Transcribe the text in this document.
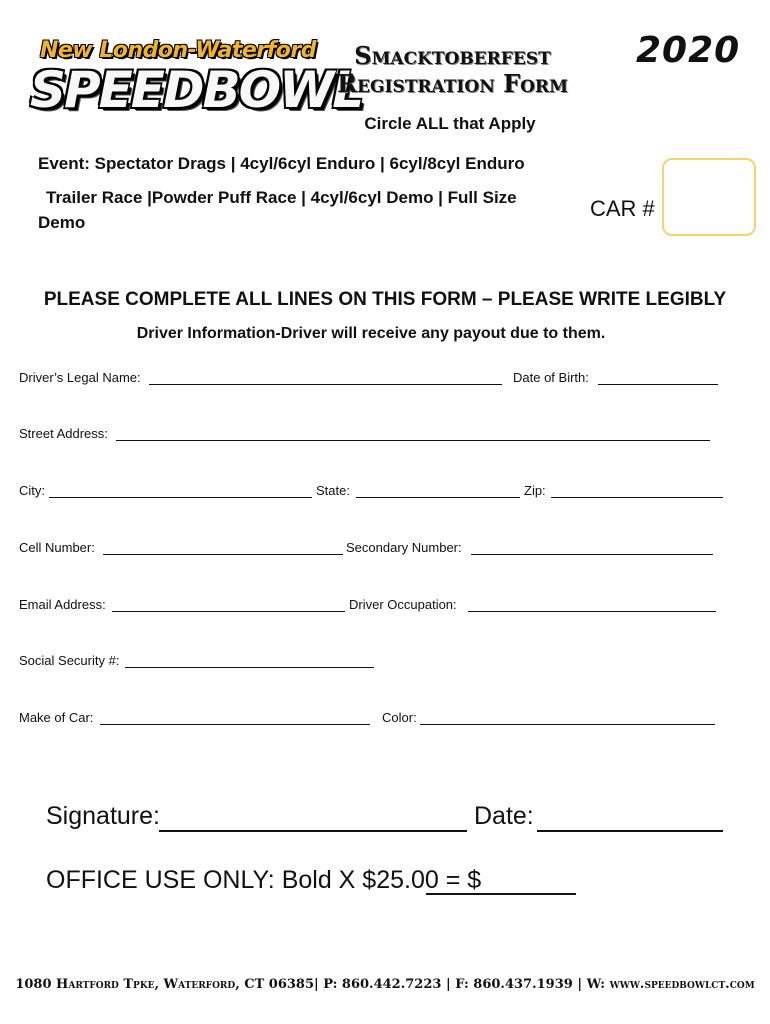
New London-Waterford
SPEEDBOWL
Smacktoberfest
Registration Form
2020
Circle ALL that Apply
Event: Spectator Drags | 4cyl/6cyl Enduro | 6cyl/8cyl Enduro
Trailer Race |Powder Puff Race | 4cyl/6cyl Demo | Full Size
Demo
CAR #
PLEASE COMPLETE ALL LINES ON THIS FORM – PLEASE WRITE LEGIBLY
Driver Information-Driver will receive any payout due to them.
Driver’s Legal Name:	Date of Birth:
Street Address:
City:	State:	Zip:
Cell Number:	Secondary Number:
Email Address:	Driver Occupation:
Social Security #:
Make of Car:	Color:
Signature:	Date:
OFFICE USE ONLY: Bold X $25.00 = $
1080 Hartford Tpke, Waterford, CT 06385| P: 860.442.7223 | F: 860.437.1939 | W: www.speedbowlct.com
